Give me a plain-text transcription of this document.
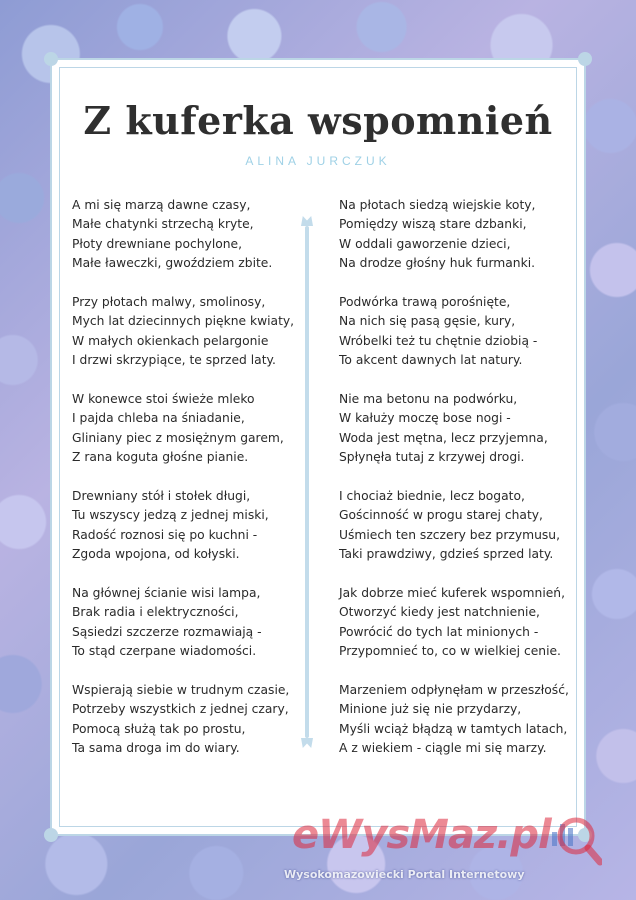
Z kuferka wspomnień
ALINA JURCZUK
A mi się marzą dawne czasy,
Małe chatynki strzechą kryte,
Płoty drewniane pochylone,
Małe ławeczki, gwoździem zbite.
Przy płotach malwy, smolinosy,
Mych lat dziecinnych piękne kwiaty,
W małych okienkach pelargonie
I drzwi skrzypiące, te sprzed laty.
W konewce stoi świeże mleko
I pajda chleba na śniadanie,
Gliniany piec z mosiężnym garem,
Z rana koguta głośne pianie.
Drewniany stół i stołek długi,
Tu wszyscy jedzą z jednej miski,
Radość roznosi się po kuchni -
Zgoda wpojona, od kołyski.
Na głównej ścianie wisi lampa,
Brak radia i elektryczności,
Sąsiedzi szczerze rozmawiają -
To stąd czerpane wiadomości.
Wspierają siebie w trudnym czasie,
Potrzeby wszystkich z jednej czary,
Pomocą służą tak po prostu,
Ta sama droga im do wiary.
Na płotach siedzą wiejskie koty,
Pomiędzy wiszą stare dzbanki,
W oddali gaworzenie dzieci,
Na drodze głośny huk furmanki.
Podwórka trawą porośnięte,
Na nich się pasą gęsie, kury,
Wróbelki też tu chętnie dziobią -
To akcent dawnych lat natury.
Nie ma betonu na podwórku,
W kałuży moczę bose nogi -
Woda jest mętna, lecz przyjemna,
Spłynęła tutaj z krzywej drogi.
I chociaż biednie, lecz bogato,
Gościnność w progu starej chaty,
Uśmiech ten szczery bez przymusu,
Taki prawdziwy, gdzieś sprzed laty.
Jak dobrze mieć kuferek wspomnień,
Otworzyć kiedy jest natchnienie,
Powrócić do tych lat minionych -
Przypomnieć to, co w wielkiej cenie.
Marzeniem odpłynęłam w przeszłość,
Minione już się nie przydarzy,
Myśli wciąż błądzą w tamtych latach,
A z wiekiem - ciągle mi się marzy.
eWysMaz.pl
Wysokomazowiecki Portal Internetowy
